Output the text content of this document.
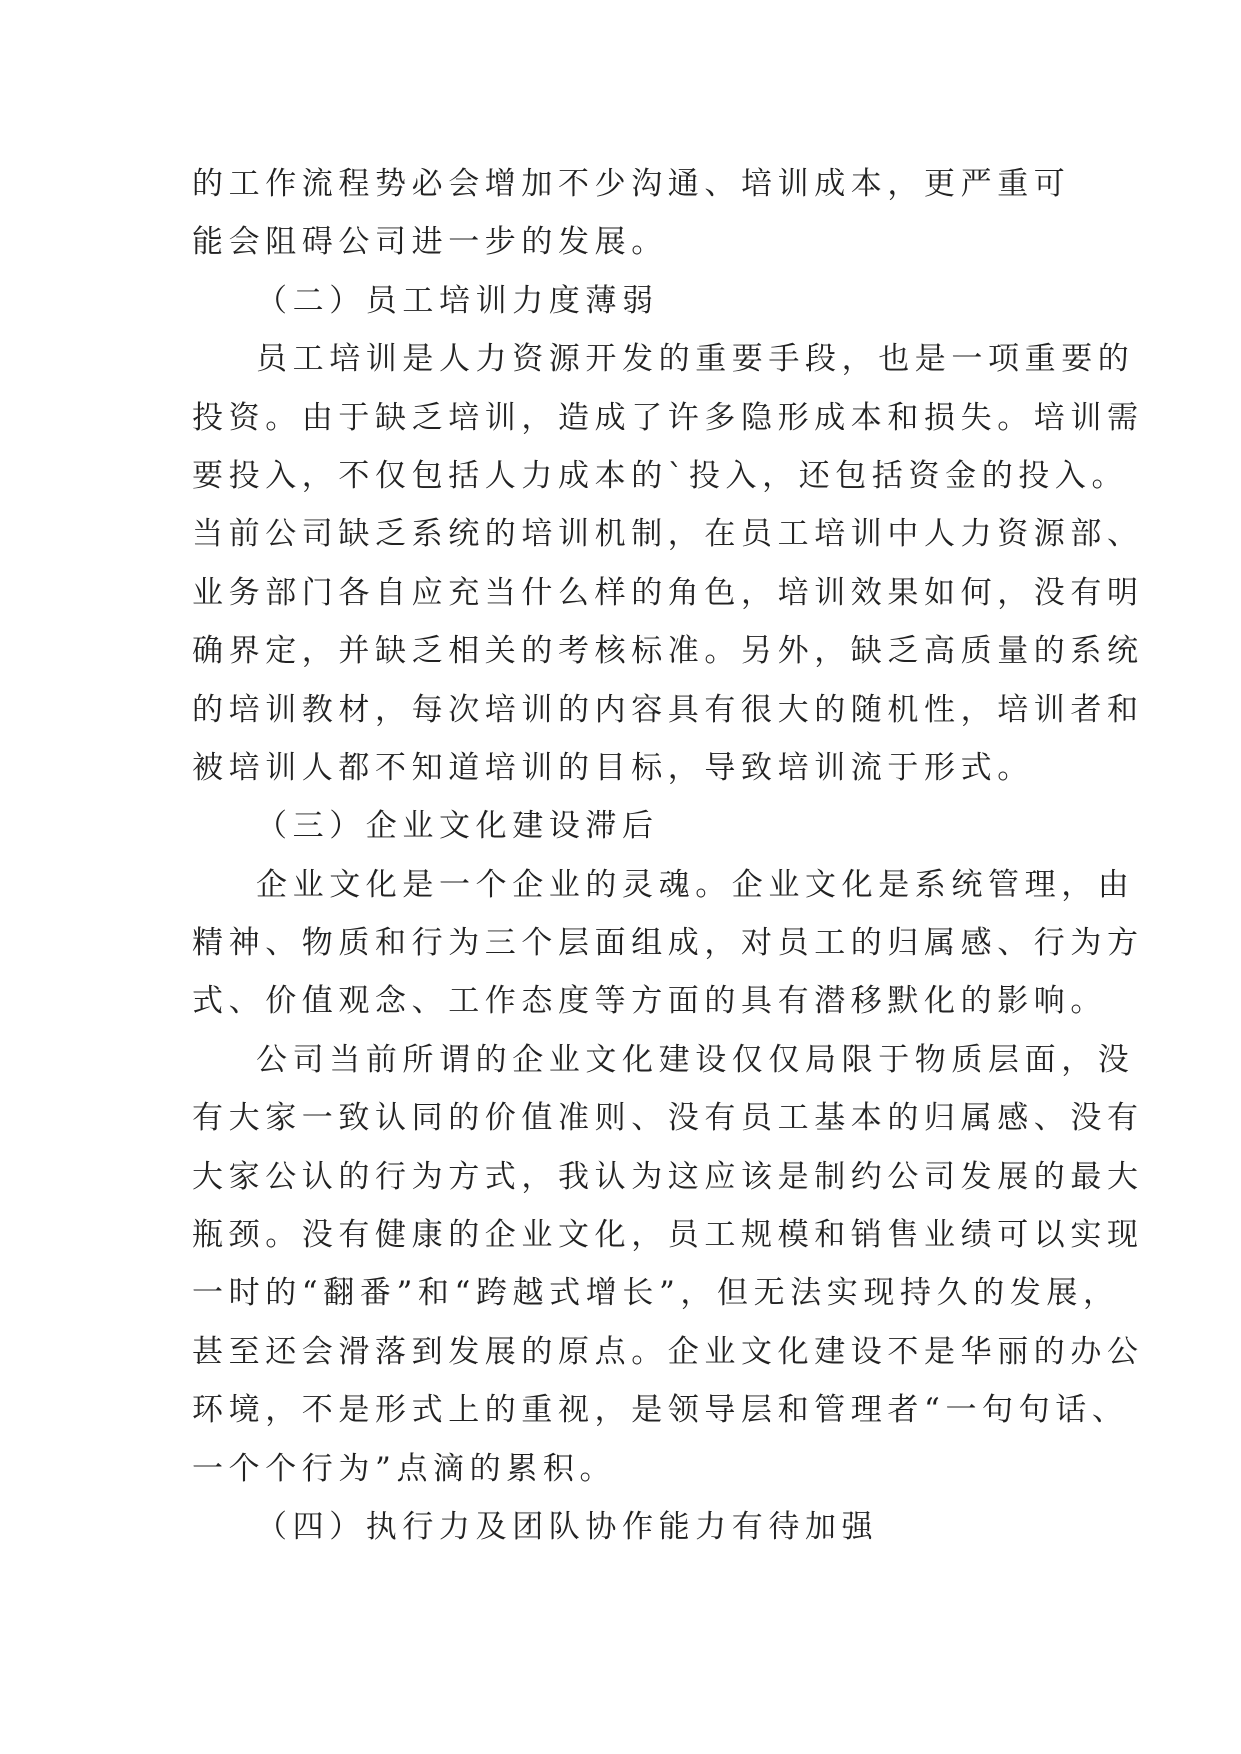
的工作流程势必会增加不少沟通、培训成本，更严重可
能会阻碍公司进一步的发展。
（二）员工培训力度薄弱
员工培训是人力资源开发的重要手段，也是一项重要的
投资。由于缺乏培训，造成了许多隐形成本和损失。培训需
要投入，不仅包括人力成本的`投入，还包括资金的投入。
当前公司缺乏系统的培训机制，在员工培训中人力资源部、
业务部门各自应充当什么样的角色，培训效果如何，没有明
确界定，并缺乏相关的考核标准。另外，缺乏高质量的系统
的培训教材，每次培训的内容具有很大的随机性，培训者和
被培训人都不知道培训的目标，导致培训流于形式。
（三）企业文化建设滞后
企业文化是一个企业的灵魂。企业文化是系统管理，由
精神、物质和行为三个层面组成，对员工的归属感、行为方
式、价值观念、工作态度等方面的具有潜移默化的影响。
公司当前所谓的企业文化建设仅仅局限于物质层面，没
有大家一致认同的价值准则、没有员工基本的归属感、没有
大家公认的行为方式，我认为这应该是制约公司发展的最大
瓶颈。没有健康的企业文化，员工规模和销售业绩可以实现
一时的“翻番”和“跨越式增长”，但无法实现持久的发展，
甚至还会滑落到发展的原点。企业文化建设不是华丽的办公
环境，不是形式上的重视，是领导层和管理者“一句句话、
一个个行为”点滴的累积。
（四）执行力及团队协作能力有待加强
